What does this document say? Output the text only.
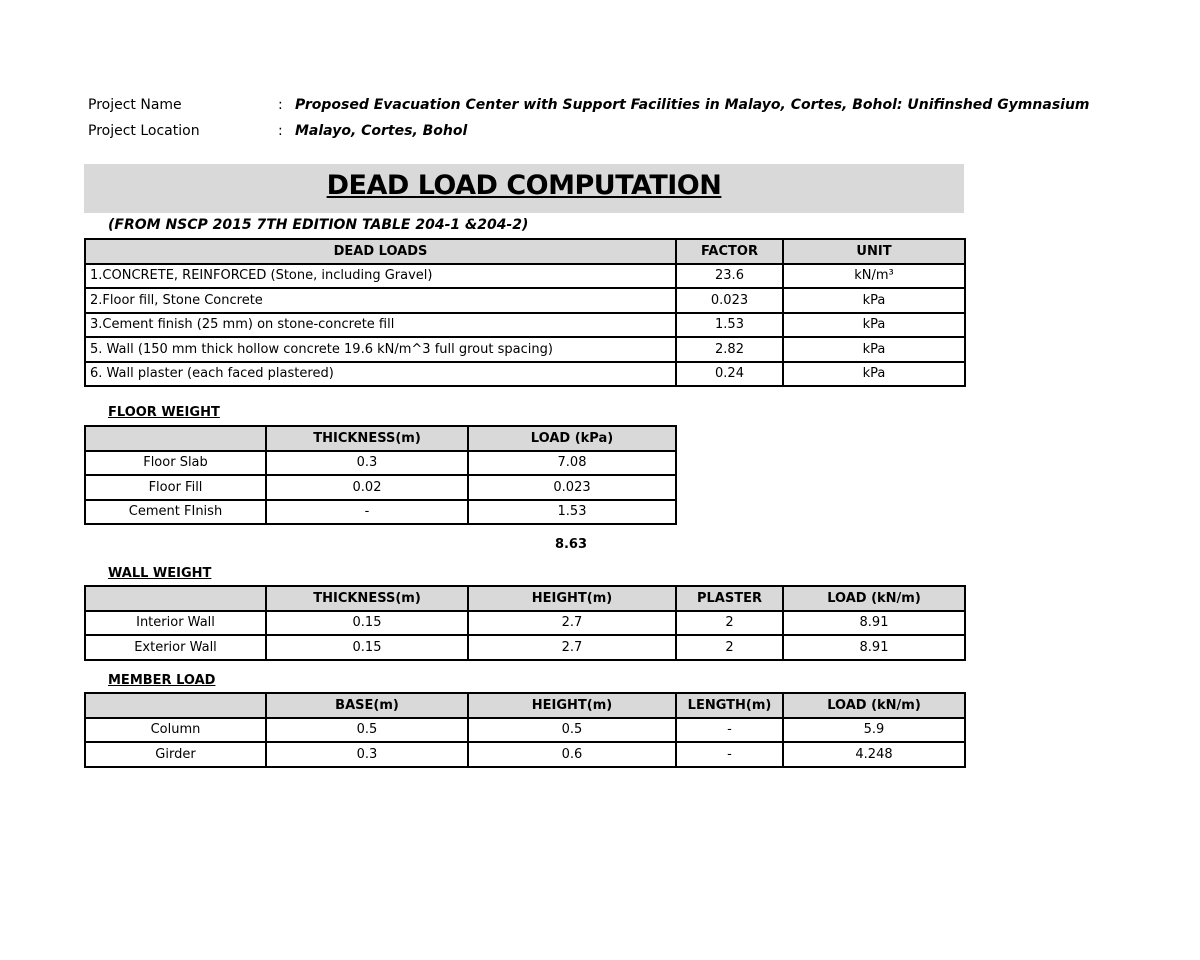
Project Name	: Proposed Evacuation Center with Support Facilities in Malayo, Cortes, Bohol: Unifinshed Gymnasium
Project Location	: Malayo, Cortes, Bohol
DEAD LOAD COMPUTATION
(FROM NSCP 2015 7TH EDITION TABLE 204-1 &204-2)
DEAD LOADS	FACTOR	UNIT
1.CONCRETE, REINFORCED (Stone, including Gravel)	23.6	kN/m³
2.Floor fill, Stone Concrete	0.023	kPa
3.Cement finish (25 mm) on stone-concrete fill	1.53	kPa
5. Wall (150 mm thick hollow concrete 19.6 kN/m^3 full grout spacing)	2.82	kPa
6. Wall plaster (each faced plastered)	0.24	kPa
FLOOR WEIGHT
	THICKNESS(m)	LOAD (kPa)
Floor Slab	0.3	7.08
Floor Fill	0.02	0.023
Cement FInish	-	1.53
8.63
WALL WEIGHT
	THICKNESS(m)	HEIGHT(m)	PLASTER	LOAD (kN/m)
Interior Wall	0.15	2.7	2	8.91
Exterior Wall	0.15	2.7	2	8.91
MEMBER LOAD
	BASE(m)	HEIGHT(m)	LENGTH(m)	LOAD (kN/m)
Column	0.5	0.5	-	5.9
Girder	0.3	0.6	-	4.248
